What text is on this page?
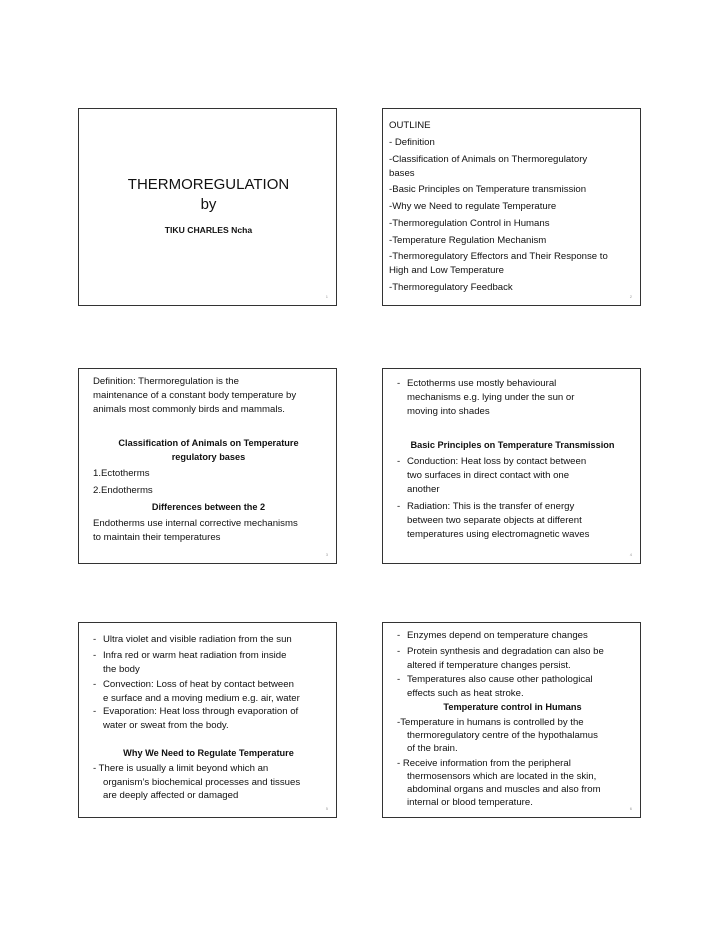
THERMOREGULATION
by
TIKU CHARLES Ncha
1
OUTLINE
- Definition
-Classification of Animals on Thermoregulatory
bases
-Basic Principles on Temperature transmission
-Why we Need to regulate Temperature
-Thermoregulation Control in Humans
-Temperature Regulation Mechanism
-Thermoregulatory Effectors and Their Response to
High and Low Temperature
-Thermoregulatory Feedback
2
Definition: Thermoregulation is the
maintenance of a constant body temperature by
animals most commonly birds and mammals.
Classification of Animals on Temperature
regulatory bases
1.Ectotherms
2.Endotherms
Differences between the 2
Endotherms use internal corrective mechanisms
to maintain their temperatures
3
- Ectotherms use mostly behavioural
mechanisms e.g. lying under the sun or
moving into shades
Basic Principles on Temperature Transmission
- Conduction: Heat loss by contact between
two surfaces in direct contact with one
another
- Radiation: This is the transfer of energy
between two separate objects at different
temperatures using electromagnetic waves
4
- Ultra violet and visible radiation from the sun
- Infra red or warm heat radiation from inside
the body
- Convection: Loss of heat by contact between
e surface and a moving medium e.g. air, water
- Evaporation: Heat loss through evaporation of
water or sweat from the body.
Why We Need to Regulate Temperature
- There is usually a limit beyond which an
organism’s biochemical processes and tissues
are deeply affected or damaged
5
- Enzymes depend on temperature changes
- Protein synthesis and degradation can also be
altered if temperature changes persist.
- Temperatures also cause other pathological
effects such as heat stroke.
Temperature control in Humans
-Temperature in humans is controlled by the
thermoregulatory centre of the hypothalamus
of the brain.
- Receive information from the peripheral
thermosensors which are located in the skin,
abdominal organs and muscles and also from
internal or blood temperature.
6
